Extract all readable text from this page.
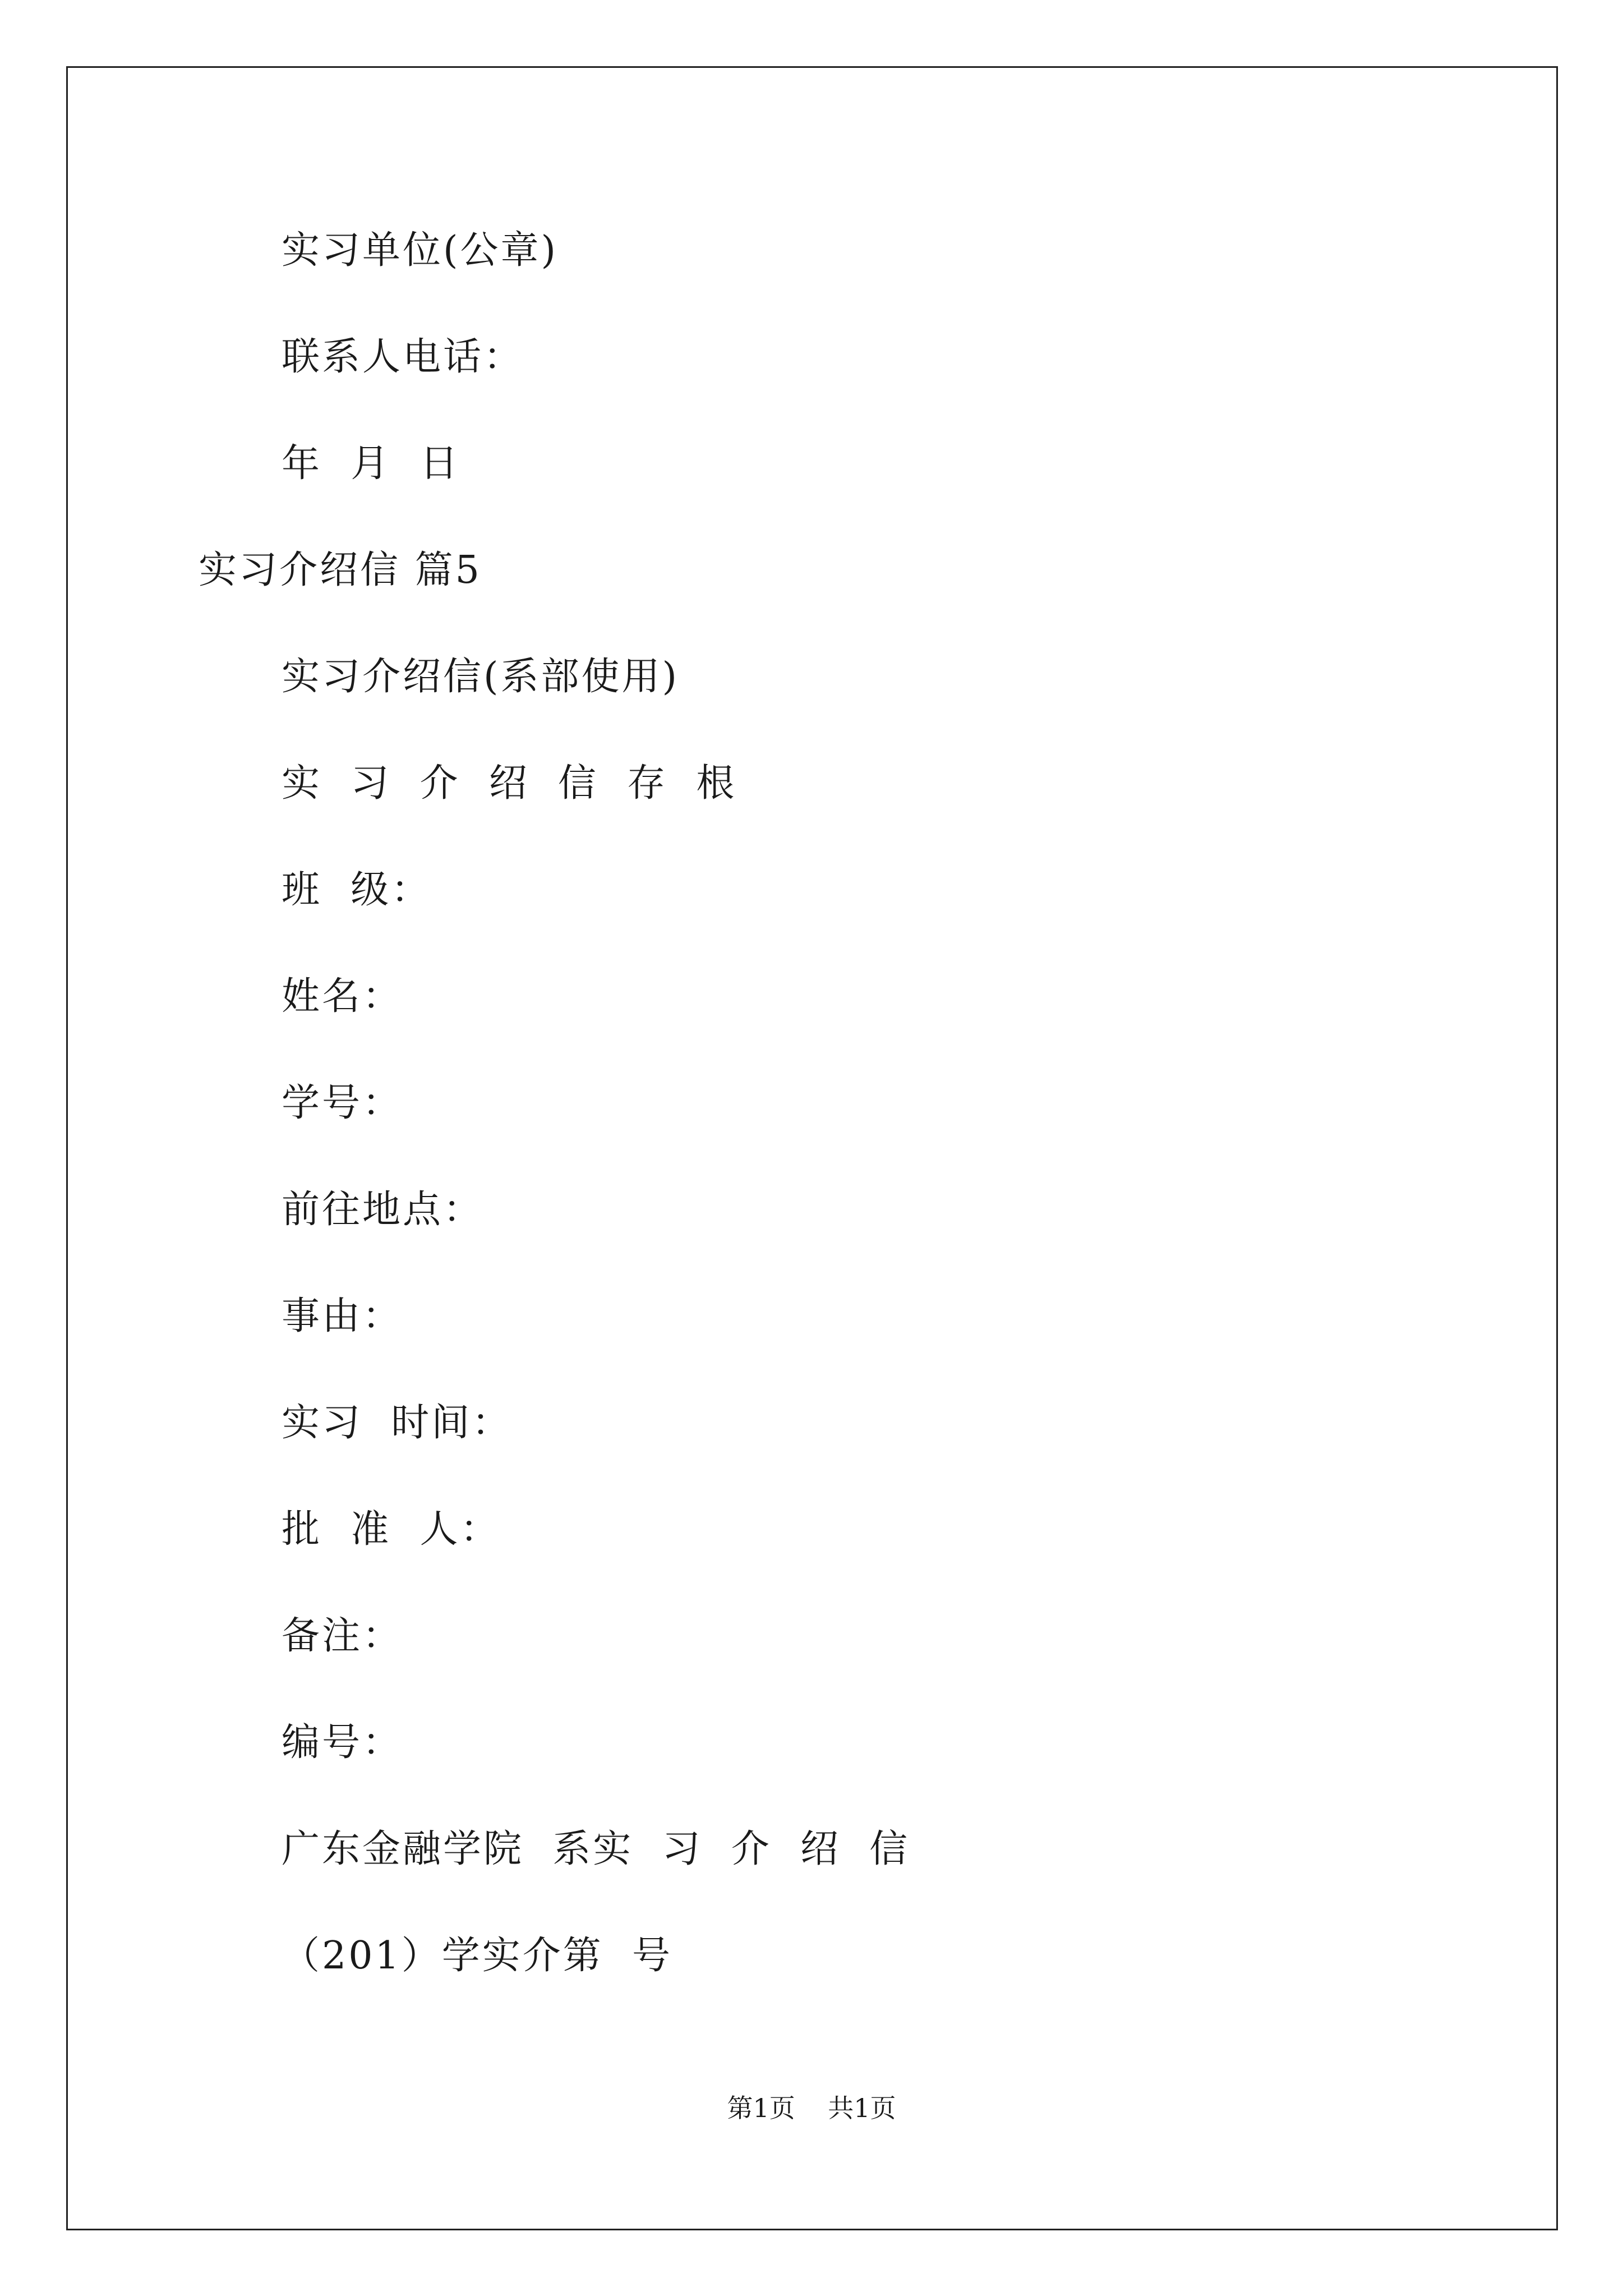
实习单位(公章)
联系人电话：
年  月  日
实习介绍信 篇5
实习介绍信(系部使用)
实  习  介  绍  信  存  根
班  级：
姓名：
学号：
前往地点：
事由：
实习  时间：
批  准  人：
备注：
编号：
广东金融学院  系实  习  介  绍  信
（201）学实介第  号
第1页    共1页
